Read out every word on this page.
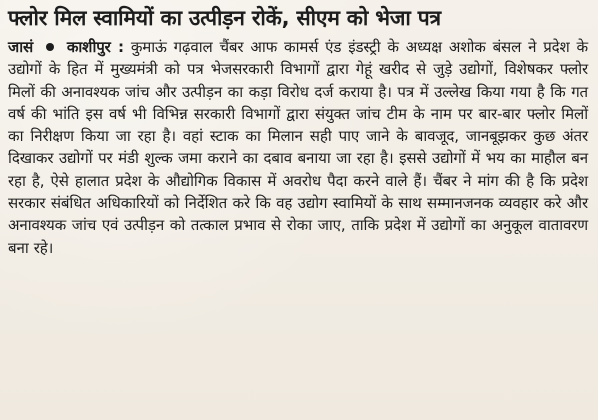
फ्लोर मिल स्वामियों का उत्पीड़न रोकें, सीएम को भेजा पत्र
जासं काशीपुर : कुमाऊं गढ़वाल चैंबर आफ कामर्स एंड इंडस्ट्री के अध्यक्ष अशोक बंसल ने प्रदेश के उद्योगों के हित में मुख्यमंत्री को पत्र भेजसरकारी विभागों द्वारा गेहूं खरीद से जुड़े उद्योगों, विशेषकर फ्लोर मिलों की अनावश्यक जांच और उत्पीड़न का कड़ा विरोध दर्ज कराया है। पत्र में उल्लेख किया गया है कि गत वर्ष की भांति इस वर्ष भी विभिन्न सरकारी विभागों द्वारा संयुक्त जांच टीम के नाम पर बार-बार फ्लोर मिलों का निरीक्षण किया जा रहा है। वहां स्टाक का मिलान सही पाए जाने के बावजूद, जानबूझकर कुछ अंतर दिखाकर उद्योगों पर मंडी शुल्क जमा कराने का दबाव बनाया जा रहा है। इससे उद्योगों में भय का माहौल बन रहा है, ऐसे हालात प्रदेश के औद्योगिक विकास में अवरोध पैदा करने वाले हैं। चैंबर ने मांग की है कि प्रदेश सरकार संबंधित अधिकारियों को निर्देशित करे कि वह उद्योग स्वामियों के साथ सम्मानजनक व्यवहार करे और अनावश्यक जांच एवं उत्पीड़न को तत्काल प्रभाव से रोका जाए, ताकि प्रदेश में उद्योगों का अनुकूल वातावरण बना रहे।
